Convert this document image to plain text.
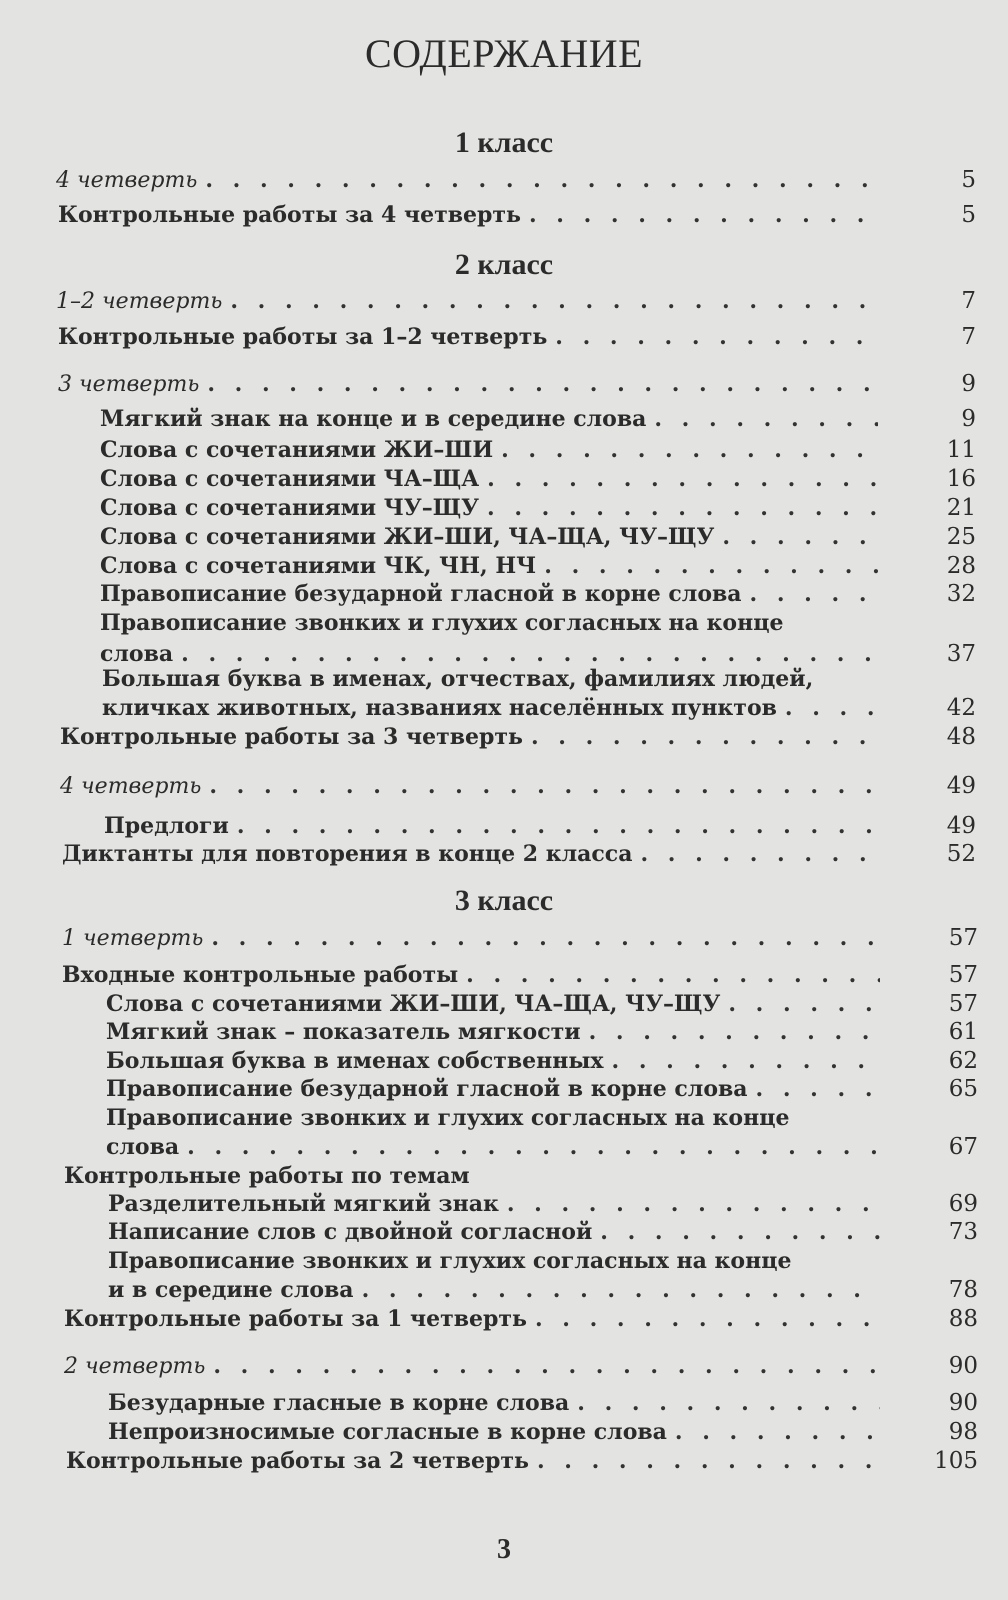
СОДЕРЖАНИЕ
1 класс
4 четверть . . .	5
Контрольные работы за 4 четверть . . .	5
2 класс
1–2 четверть . . .	7
Контрольные работы за 1–2 четверть . . .	7
3 четверть . . .	9
Мягкий знак на конце и в середине слова . . .	9
Слова с сочетаниями ЖИ–ШИ . . .	11
Слова с сочетаниями ЧА–ЩА . . .	16
Слова с сочетаниями ЧУ–ЩУ . . .	21
Слова с сочетаниями ЖИ–ШИ, ЧА–ЩА, ЧУ–ЩУ . . .	25
Слова с сочетаниями ЧК, ЧН, НЧ . . .	28
Правописание безударной гласной в корне слова . . .	32
Правописание звонких и глухих согласных на конце
слова . . .	37
Большая буква в именах, отчествах, фамилиях людей,
кличках животных, названиях населённых пунктов . . .	42
Контрольные работы за 3 четверть . . .	48
4 четверть . . .	49
Предлоги . . .	49
Диктанты для повторения в конце 2 класса . . .	52
3 класс
1 четверть . . .	57
Входные контрольные работы . . .	57
Слова с сочетаниями ЖИ–ШИ, ЧА–ЩА, ЧУ–ЩУ . . .	57
Мягкий знак – показатель мягкости . . .	61
Большая буква в именах собственных . . .	62
Правописание безударной гласной в корне слова . . .	65
Правописание звонких и глухих согласных на конце
слова . . .	67
Контрольные работы по темам
Разделительный мягкий знак . . .	69
Написание слов с двойной согласной . . .	73
Правописание звонких и глухих согласных на конце
и в середине слова . . .	78
Контрольные работы за 1 четверть . . .	88
2 четверть . . .	90
Безударные гласные в корне слова . . .	90
Непроизносимые согласные в корне слова . . .	98
Контрольные работы за 2 четверть . . .	105
3
